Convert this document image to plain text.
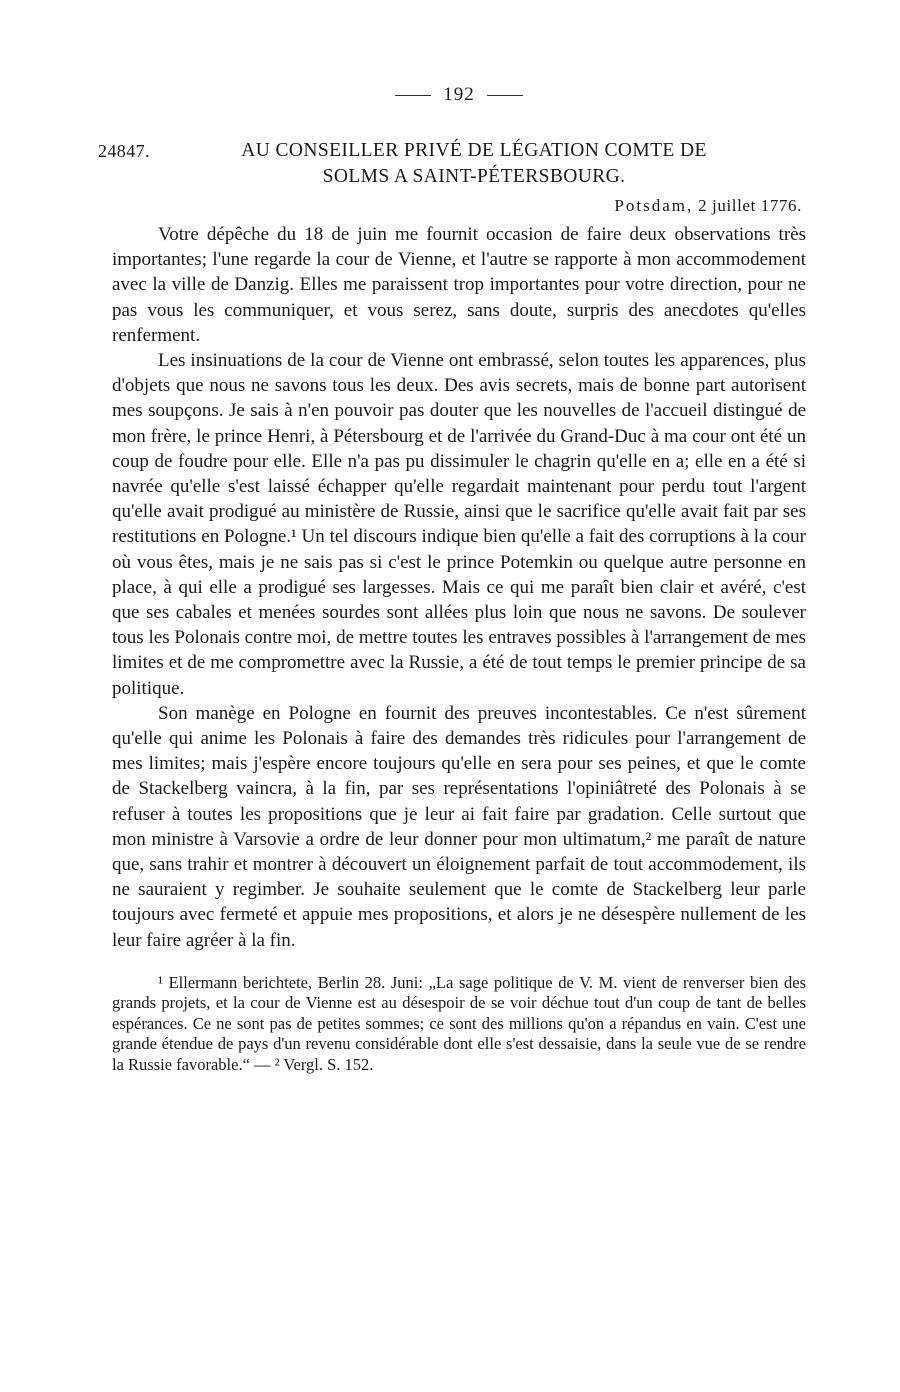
192
24847.	AU CONSEILLER PRIVÉ DE LÉGATION COMTE DE
SOLMS A SAINT-PÉTERSBOURG.
Potsdam, 2 juillet 1776.

Votre dépêche du 18 de juin me fournit occasion de faire deux observations très importantes; l'une regarde la cour de Vienne, et l'autre se rapporte à mon accommodement avec la ville de Danzig. Elles me paraissent trop importantes pour votre direction, pour ne pas vous les communiquer, et vous serez, sans doute, surpris des anecdotes qu'elles renferment.

Les insinuations de la cour de Vienne ont embrassé, selon toutes les apparences, plus d'objets que nous ne savons tous les deux. Des avis secrets, mais de bonne part autorisent mes soupçons. Je sais à n'en pouvoir pas douter que les nouvelles de l'accueil distingué de mon frère, le prince Henri, à Pétersbourg et de l'arrivée du Grand-Duc à ma cour ont été un coup de foudre pour elle. Elle n'a pas pu dissimuler le chagrin qu'elle en a; elle en a été si navrée qu'elle s'est laissé échapper qu'elle regardait maintenant pour perdu tout l'argent qu'elle avait prodigué au ministère de Russie, ainsi que le sacrifice qu'elle avait fait par ses restitutions en Pologne.¹ Un tel discours indique bien qu'elle a fait des corruptions à la cour où vous êtes, mais je ne sais pas si c'est le prince Potemkin ou quelque autre personne en place, à qui elle a prodigué ses largesses. Mais ce qui me paraît bien clair et avéré, c'est que ses cabales et menées sourdes sont allées plus loin que nous ne savons. De soulever tous les Polonais contre moi, de mettre toutes les entraves possibles à l'arrangement de mes limites et de me compromettre avec la Russie, a été de tout temps le premier principe de sa politique.

Son manège en Pologne en fournit des preuves incontestables. Ce n'est sûrement qu'elle qui anime les Polonais à faire des demandes très ridicules pour l'arrangement de mes limites; mais j'espère encore toujours qu'elle en sera pour ses peines, et que le comte de Stackelberg vaincra, à la fin, par ses représentations l'opiniâtreté des Polonais à se refuser à toutes les propositions que je leur ai fait faire par gradation. Celle surtout que mon ministre à Varsovie a ordre de leur donner pour mon ultimatum,² me paraît de nature que, sans trahir et montrer à découvert un éloignement parfait de tout accommodement, ils ne sauraient y regimber. Je souhaite seulement que le comte de Stackelberg leur parle toujours avec fermeté et appuie mes propositions, et alors je ne désespère nullement de les leur faire agréer à la fin.

¹ Ellermann berichtete, Berlin 28. Juni: „La sage politique de V. M. vient de renverser bien des grands projets, et la cour de Vienne est au désespoir de se voir déchue tout d'un coup de tant de belles espérances. Ce ne sont pas de petites sommes; ce sont des millions qu'on a répandus en vain. C'est une grande étendue de pays d'un revenu considérable dont elle s'est dessaisie, dans la seule vue de se rendre la Russie favorable.“ — ² Vergl. S. 152.
